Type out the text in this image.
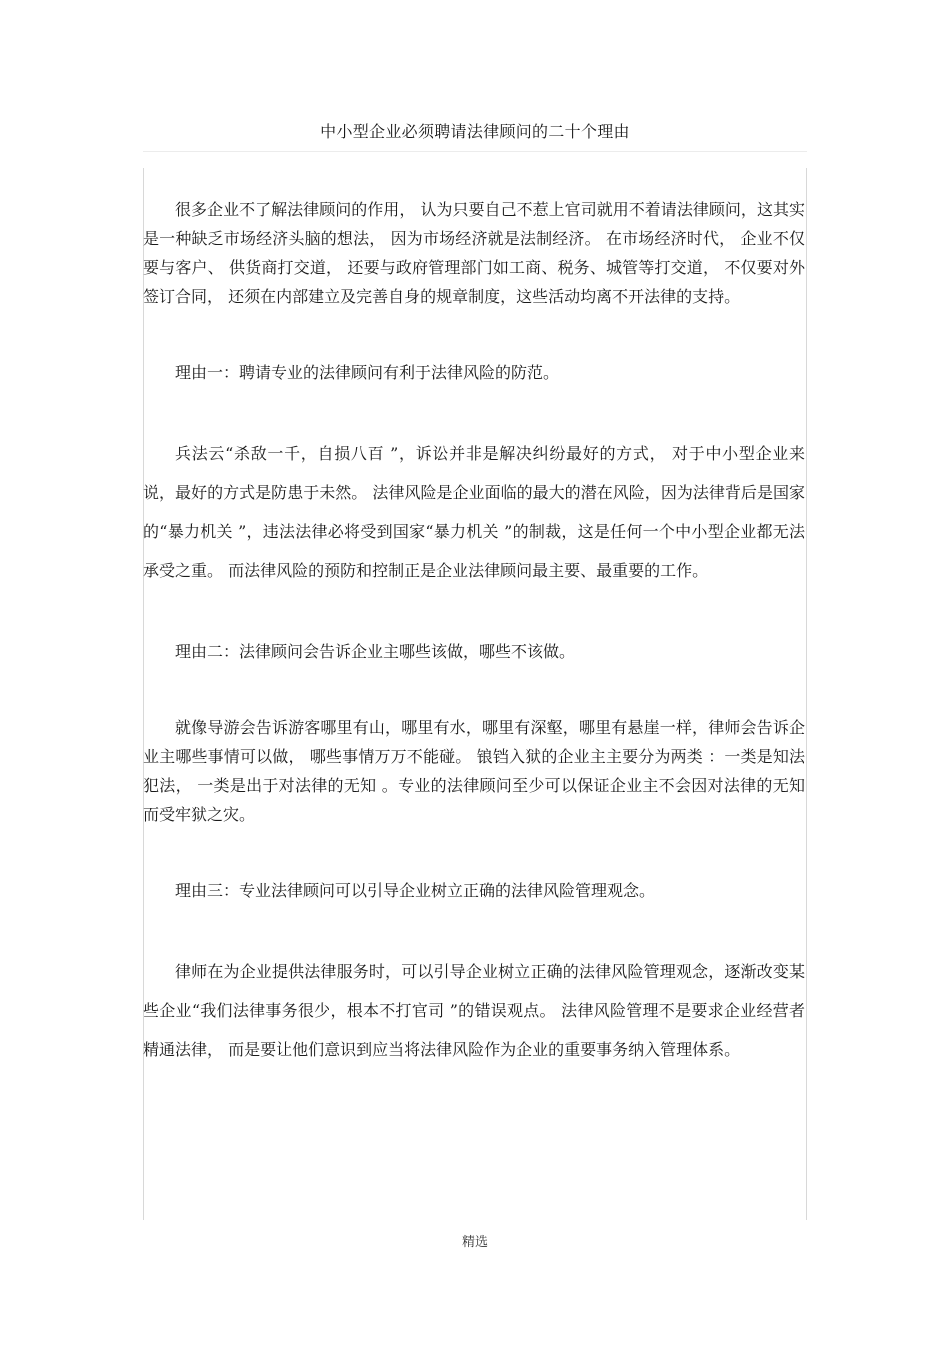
中小型企业必须聘请法律顾问的二十个理由

很多企业不了解法律顾问的作用， 认为只要自己不惹上官司就用不着请法律顾问，这其实是一种缺乏市场经济头脑的想法， 因为市场经济就是法制经济。 在市场经济时代， 企业不仅要与客户、 供货商打交道， 还要与政府管理部门如工商、税务、城管等打交道， 不仅要对外签订合同， 还须在内部建立及完善自身的规章制度，这些活动均离不开法律的支持。

理由一：聘请专业的法律顾问有利于法律风险的防范。

兵法云“杀敌一千，自损八百 ”，诉讼并非是解决纠纷最好的方式， 对于中小型企业来说，最好的方式是防患于未然。 法律风险是企业面临的最大的潜在风险，因为法律背后是国家的“暴力机关 ”，违法法律必将受到国家“暴力机关 ”的制裁，这是任何一个中小型企业都无法承受之重。 而法律风险的预防和控制正是企业法律顾问最主要、最重要的工作。

理由二：法律顾问会告诉企业主哪些该做，哪些不该做。

就像导游会告诉游客哪里有山，哪里有水，哪里有深壑，哪里有悬崖一样，律师会告诉企业主哪些事情可以做， 哪些事情万万不能碰。 锒铛入狱的企业主主要分为两类 ：一类是知法犯法， 一类是出于对法律的无知 。专业的法律顾问至少可以保证企业主不会因对法律的无知而受牢狱之灾。

理由三：专业法律顾问可以引导企业树立正确的法律风险管理观念。

律师在为企业提供法律服务时，可以引导企业树立正确的法律风险管理观念，逐渐改变某些企业“我们法律事务很少，根本不打官司 ”的错误观点。 法律风险管理不是要求企业经营者精通法律， 而是要让他们意识到应当将法律风险作为企业的重要事务纳入管理体系。

精选
